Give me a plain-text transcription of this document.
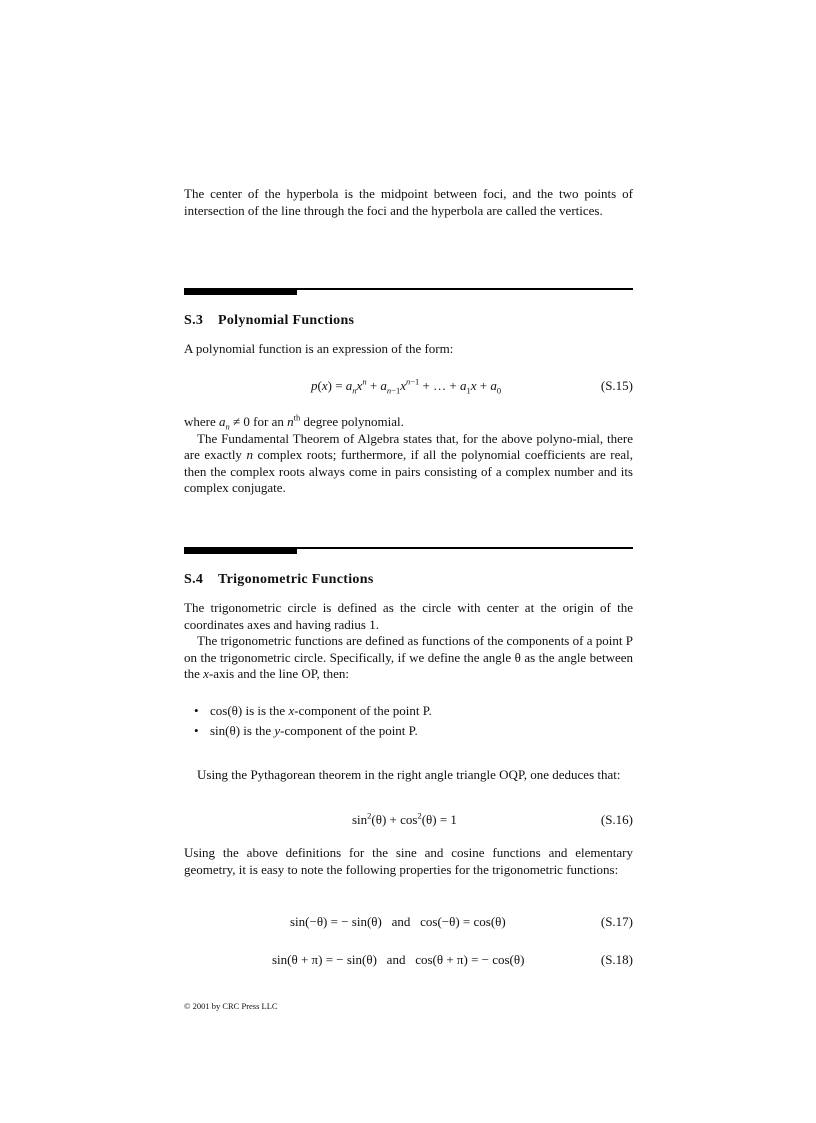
The center of the hyperbola is the midpoint between foci, and the two points of intersection of the line through the foci and the hyperbola are called the vertices.

S.3 Polynomial Functions

A polynomial function is an expression of the form:

$p(x) = a_nx^n + a_{n-1}x^{n-1}$ + … + $a_1x + a_0$	(S.15)

where $a_n \ne 0$ for an $n^{th}$ degree polynomial.

The Fundamental Theorem of Algebra states that, for the above polyno-mial, there are exactly n complex roots; furthermore, if all the polynomial coefficients are real, then the complex roots always come in pairs consisting of a complex number and its complex conjugate.

S.4 Trigonometric Functions

The trigonometric circle is defined as the circle with center at the origin of the coordinates axes and having radius 1.

The trigonometric functions are defined as functions of the components of a point P on the trigonometric circle. Specifically, if we define the angle θ as the angle between the x-axis and the line OP, then:

• cos(θ) is is the x-component of the point P.
• sin(θ) is the y-component of the point P.

Using the Pythagorean theorem in the right angle triangle OQP, one deduces that:

$\sin^2(\theta) + \cos^2(\theta) = 1$	(S.16)

Using the above definitions for the sine and cosine functions and elementary geometry, it is easy to note the following properties for the trigonometric functions:

sin(−θ) = − sin(θ) and cos(−θ) = cos(θ)	(S.17)
sin(θ + π) = − sin(θ) and cos(θ + π) = − cos(θ)	(S.18)
© 2001 by CRC Press LLC
